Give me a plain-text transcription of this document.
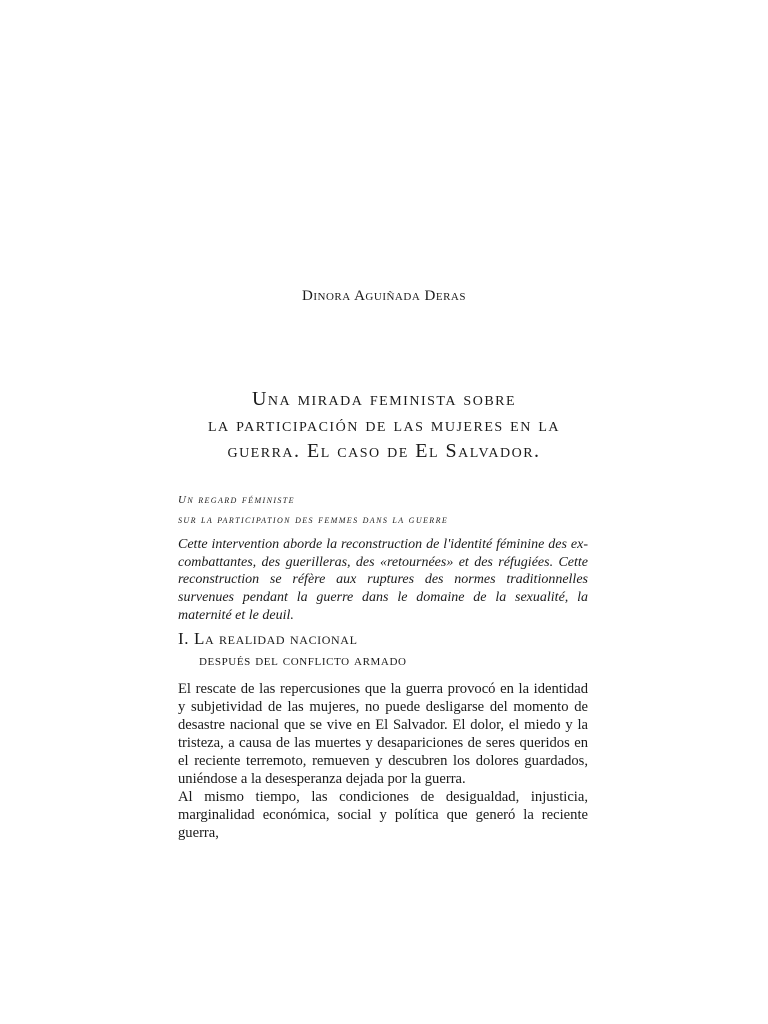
Dinora Aguiñada Deras
Una mirada feminista sobre
la participación de las mujeres en la
guerra. El caso de El Salvador.
Un regard féministe
sur la participation des femmes dans la guerre

Cette intervention aborde la reconstruction de l'identité féminine des ex-combattantes, des guerilleras, des «retournées» et des réfugiées. Cette reconstruction se réfère aux ruptures des normes traditionnelles survenues pendant la guerre dans le domaine de la sexualité, la maternité et le deuil.

I. La realidad nacional
después del conflicto armado

El rescate de las repercusiones que la guerra provocó en la identidad y subjetividad de las mujeres, no puede desligarse del momento de desastre nacional que se vive en El Salvador. El dolor, el miedo y la tristeza, a causa de las muertes y desapariciones de seres queridos en el reciente terremoto, remueven y descubren los dolores guardados, uniéndose a la desesperanza dejada por la guerra.

Al mismo tiempo, las condiciones de desigualdad, injusticia, marginalidad económica, social y política que generó la reciente guerra,
